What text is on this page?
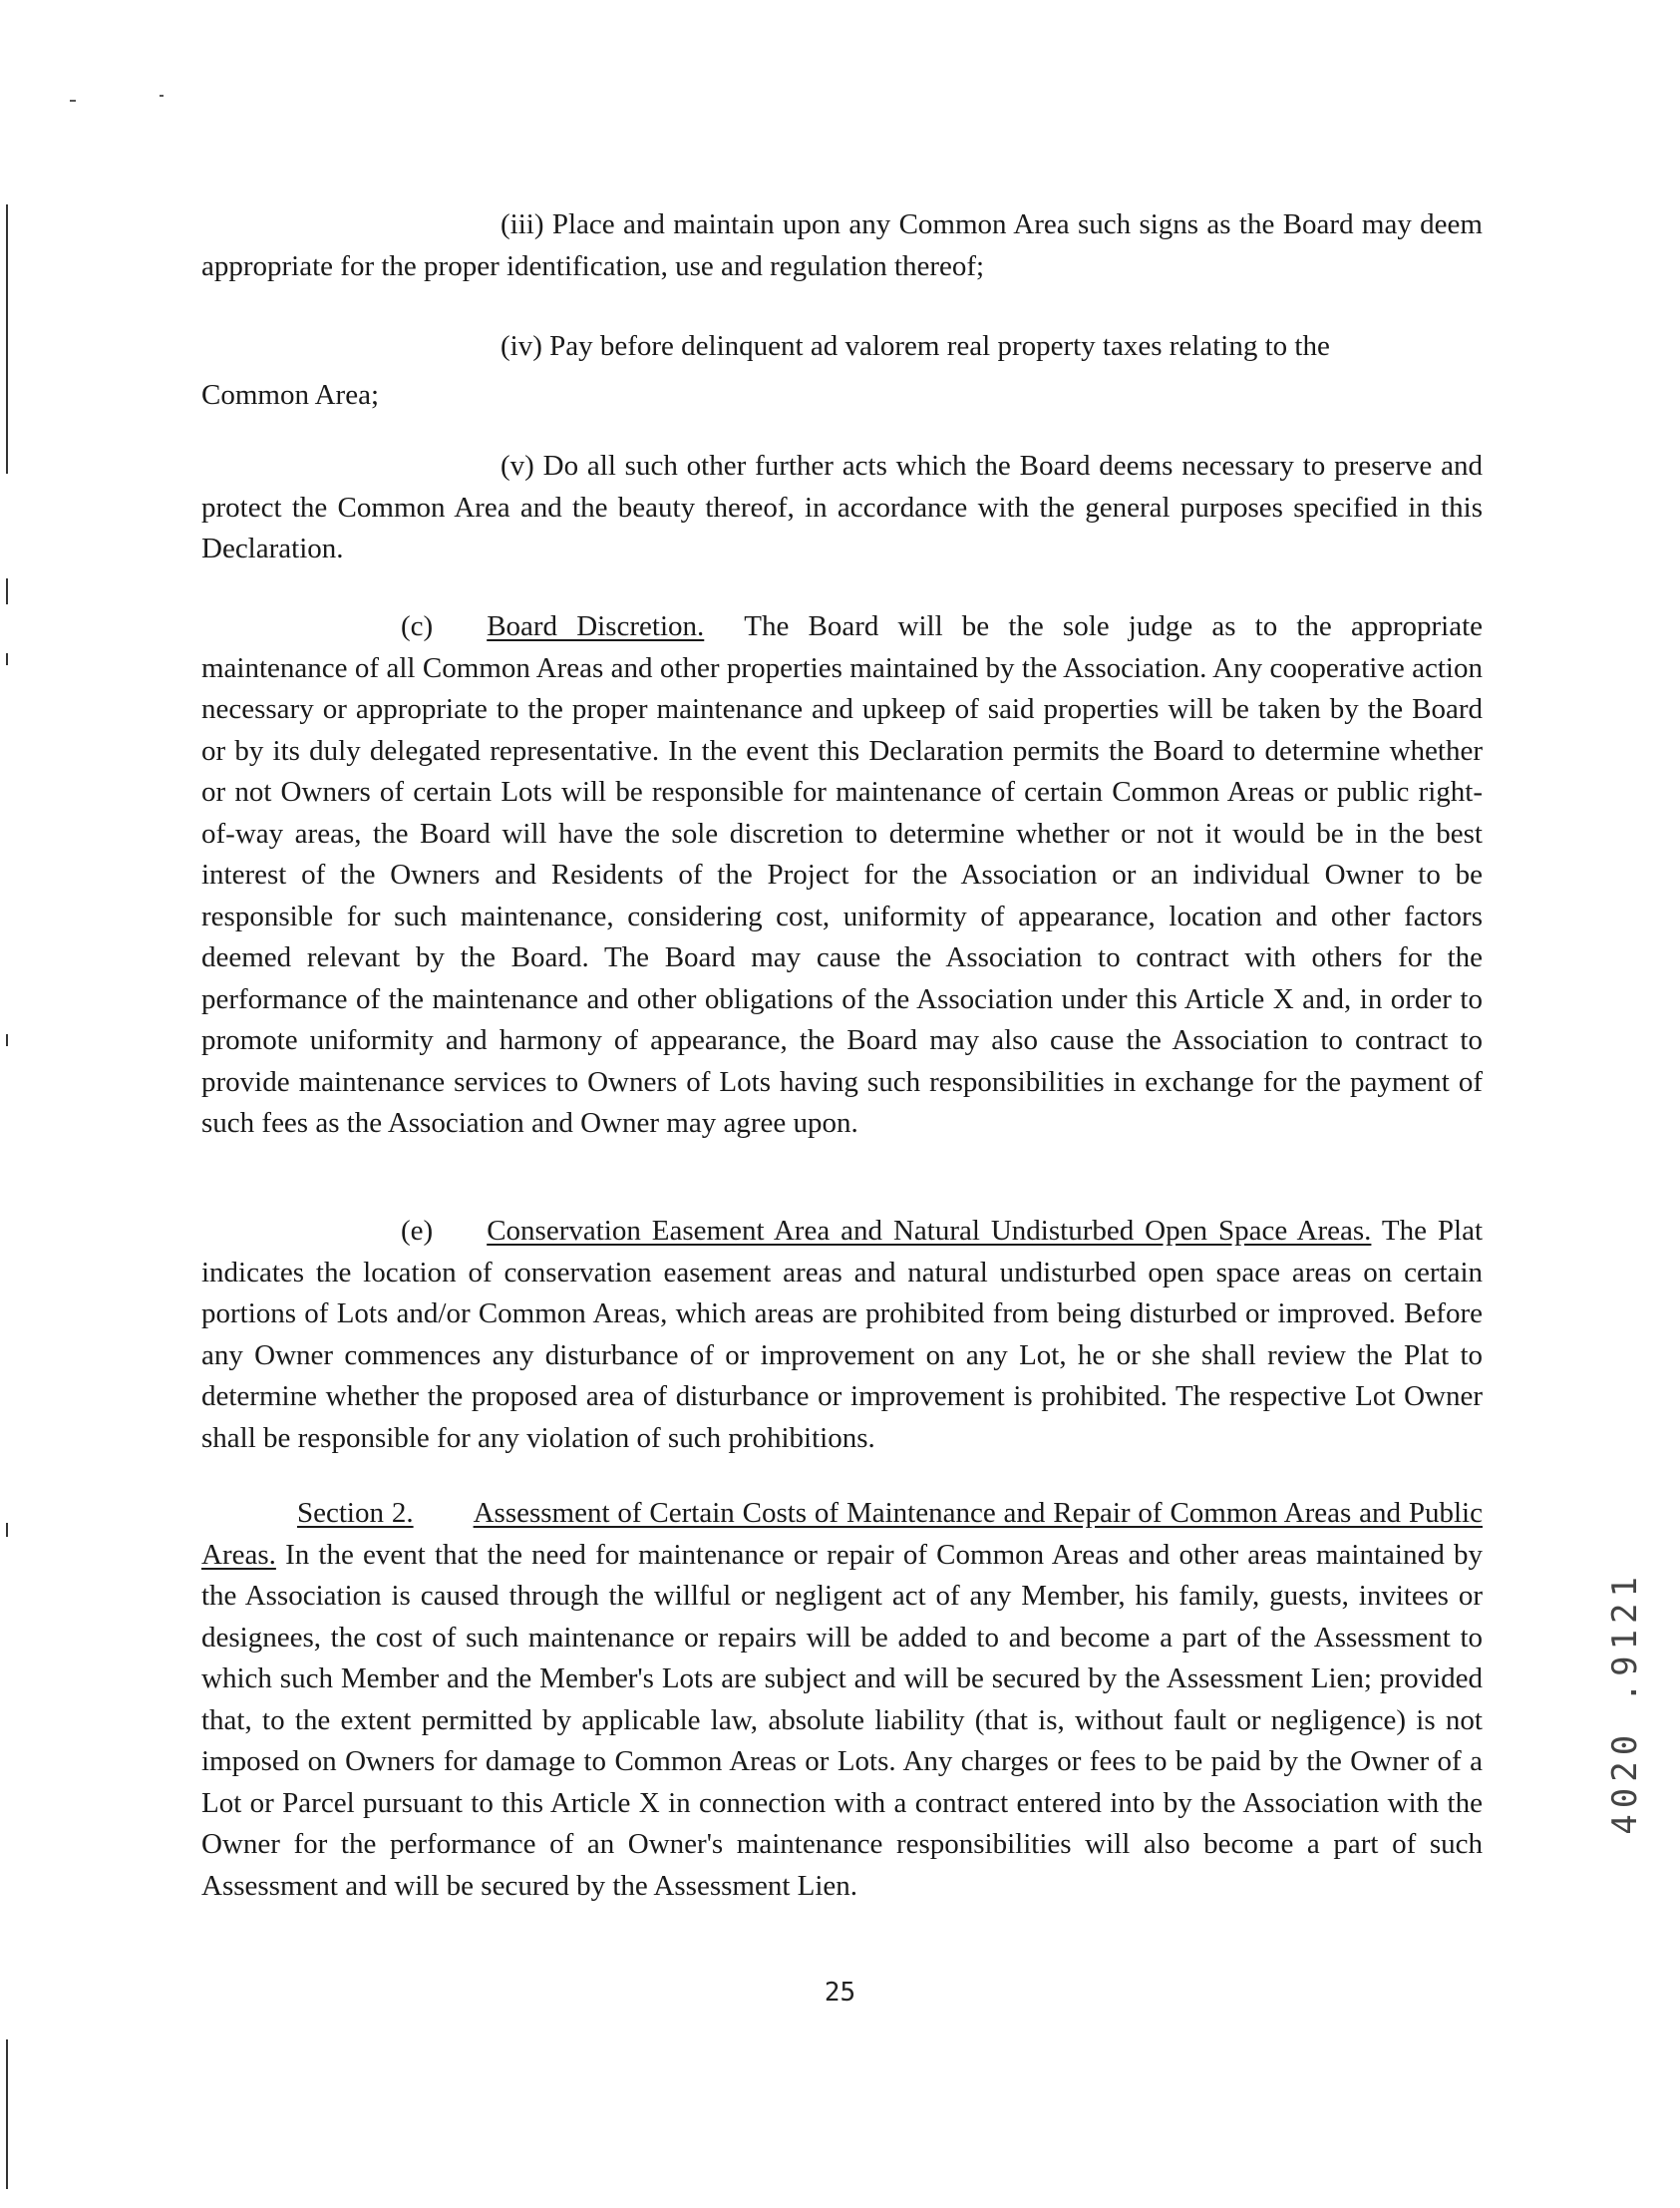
(iii) Place and maintain upon any Common Area such signs as the Board may deem appropriate for the proper identification, use and regulation thereof;

(iv) Pay before delinquent ad valorem real property taxes relating to the

Common Area;

(v) Do all such other further acts which the Board deems necessary to preserve and protect the Common Area and the beauty thereof, in accordance with the general purposes specified in this Declaration.

(c) Board Discretion. The Board will be the sole judge as to the appropriate maintenance of all Common Areas and other properties maintained by the Association. Any cooperative action necessary or appropriate to the proper maintenance and upkeep of said properties will be taken by the Board or by its duly delegated representative. In the event this Declaration permits the Board to determine whether or not Owners of certain Lots will be responsible for maintenance of certain Common Areas or public right-of-way areas, the Board will have the sole discretion to determine whether or not it would be in the best interest of the Owners and Residents of the Project for the Association or an individual Owner to be responsible for such maintenance, considering cost, uniformity of appearance, location and other factors deemed relevant by the Board. The Board may cause the Association to contract with others for the performance of the maintenance and other obligations of the Association under this Article X and, in order to promote uniformity and harmony of appearance, the Board may also cause the Association to contract to provide maintenance services to Owners of Lots having such responsibilities in exchange for the payment of such fees as the Association and Owner may agree upon.

(e) Conservation Easement Area and Natural Undisturbed Open Space Areas. The Plat indicates the location of conservation easement areas and natural undisturbed open space areas on certain portions of Lots and/or Common Areas, which areas are prohibited from being disturbed or improved. Before any Owner commences any disturbance of or improvement on any Lot, he or she shall review the Plat to determine whether the proposed area of disturbance or improvement is prohibited. The respective Lot Owner shall be responsible for any violation of such prohibitions.

Section 2. Assessment of Certain Costs of Maintenance and Repair of Common Areas and Public Areas. In the event that the need for maintenance or repair of Common Areas and other areas maintained by the Association is caused through the willful or negligent act of any Member, his family, guests, invitees or designees, the cost of such maintenance or repairs will be added to and become a part of the Assessment to which such Member and the Member's Lots are subject and will be secured by the Assessment Lien; provided that, to the extent permitted by applicable law, absolute liability (that is, without fault or negligence) is not imposed on Owners for damage to Common Areas or Lots. Any charges or fees to be paid by the Owner of a Lot or Parcel pursuant to this Article X in connection with a contract entered into by the Association with the Owner for the performance of an Owner's maintenance responsibilities will also become a part of such Assessment and will be secured by the Assessment Lien.

25
4020 .9121
